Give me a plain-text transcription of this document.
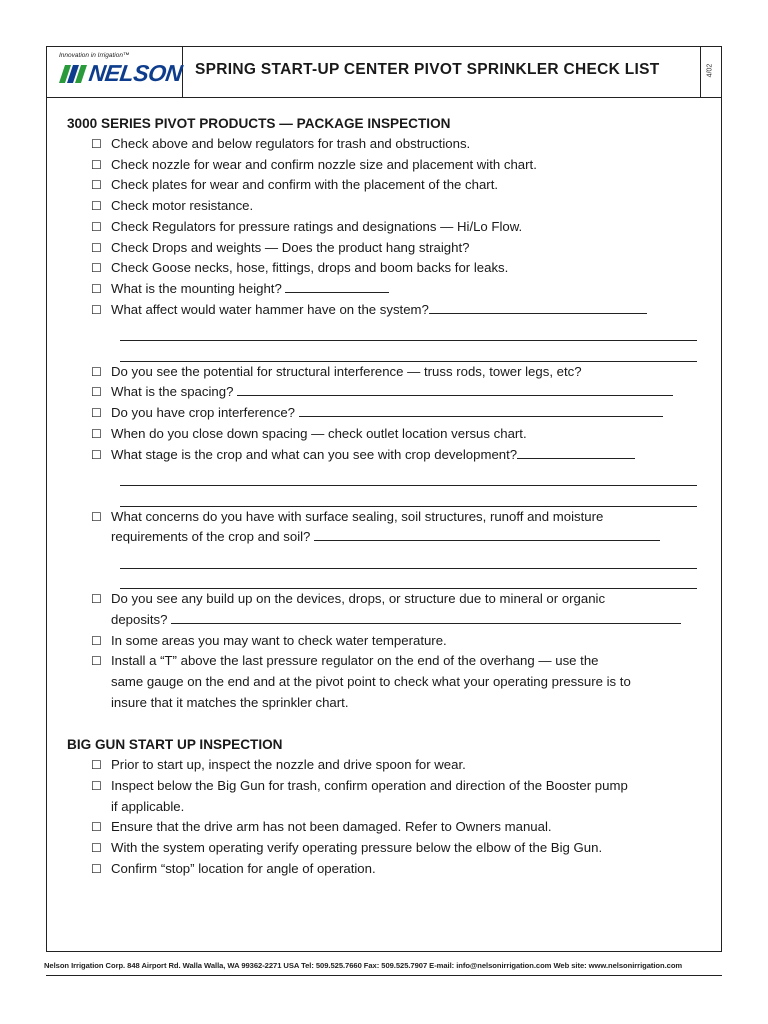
Innovation in Irrigation™
NELSON SPRING START-UP CENTER PIVOT SPRINKLER CHECK LIST	4/02
3000 SERIES PIVOT PRODUCTS — PACKAGE INSPECTION
☐ Check above and below regulators for trash and obstructions.
☐ Check nozzle for wear and confirm nozzle size and placement with chart.
☐ Check plates for wear and confirm with the placement of the chart.
☐ Check motor resistance.
☐ Check Regulators for pressure ratings and designations — Hi/Lo Flow.
☐ Check Drops and weights — Does the product hang straight?
☐ Check Goose necks, hose, fittings, drops and boom backs for leaks.
☐ What is the mounting height?
☐ What affect would water hammer have on the system?
☐ Do you see the potential for structural interference — truss rods, tower legs, etc?
☐ What is the spacing?
☐ Do you have crop interference?
☐ When do you close down spacing — check outlet location versus chart.
☐ What stage is the crop and what can you see with crop development?
☐ What concerns do you have with surface sealing, soil structures, runoff and moisture
requirements of the crop and soil?
☐ Do you see any build up on the devices, drops, or structure due to mineral or organic
deposits?
☐ In some areas you may want to check water temperature.
☐ Install a “T” above the last pressure regulator on the end of the overhang — use the
same gauge on the end and at the pivot point to check what your operating pressure is to
insure that it matches the sprinkler chart.
BIG GUN START UP INSPECTION
☐ Prior to start up, inspect the nozzle and drive spoon for wear.
☐ Inspect below the Big Gun for trash, confirm operation and direction of the Booster pump
if applicable.
☐ Ensure that the drive arm has not been damaged. Refer to Owners manual.
☐ With the system operating verify operating pressure below the elbow of the Big Gun.
☐ Confirm “stop” location for angle of operation.
Nelson Irrigation Corp. 848 Airport Rd. Walla Walla, WA 99362-2271 USA Tel: 509.525.7660 Fax: 509.525.7907 E-mail: info@nelsonirrigation.com Web site: www.nelsonirrigation.com
